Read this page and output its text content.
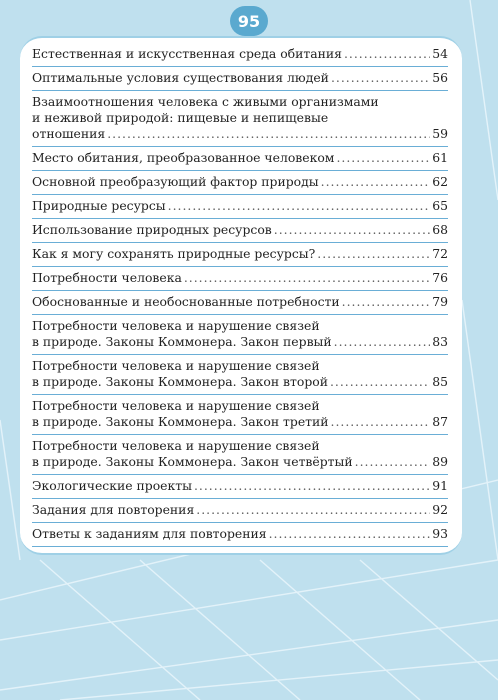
95
Естественная и искусственная среда обитания .....	54
Оптимальные условия существования людей .....	56
Взаимоотношения человека с живыми организмами
и неживой природой: пищевые и непищевые
отношения .....	59
Место обитания, преобразованное человеком .....	61
Основной преобразующий фактор природы .....	62
Природные ресурсы .....	65
Использование природных ресурсов .....	68
Как я могу сохранять природные ресурсы? .....	72
Потребности человека .....	76
Обоснованные и необоснованные потребности .....	79
Потребности человека и нарушение связей
в природе. Законы Коммонера. Закон первый .....	83
Потребности человека и нарушение связей
в природе. Законы Коммонера. Закон второй .....	85
Потребности человека и нарушение связей
в природе. Законы Коммонера. Закон третий .....	87
Потребности человека и нарушение связей
в природе. Законы Коммонера. Закон четвёртый .....	89
Экологические проекты .....	91
Задания для повторения .....	92
Ответы к заданиям для повторения .....	93
